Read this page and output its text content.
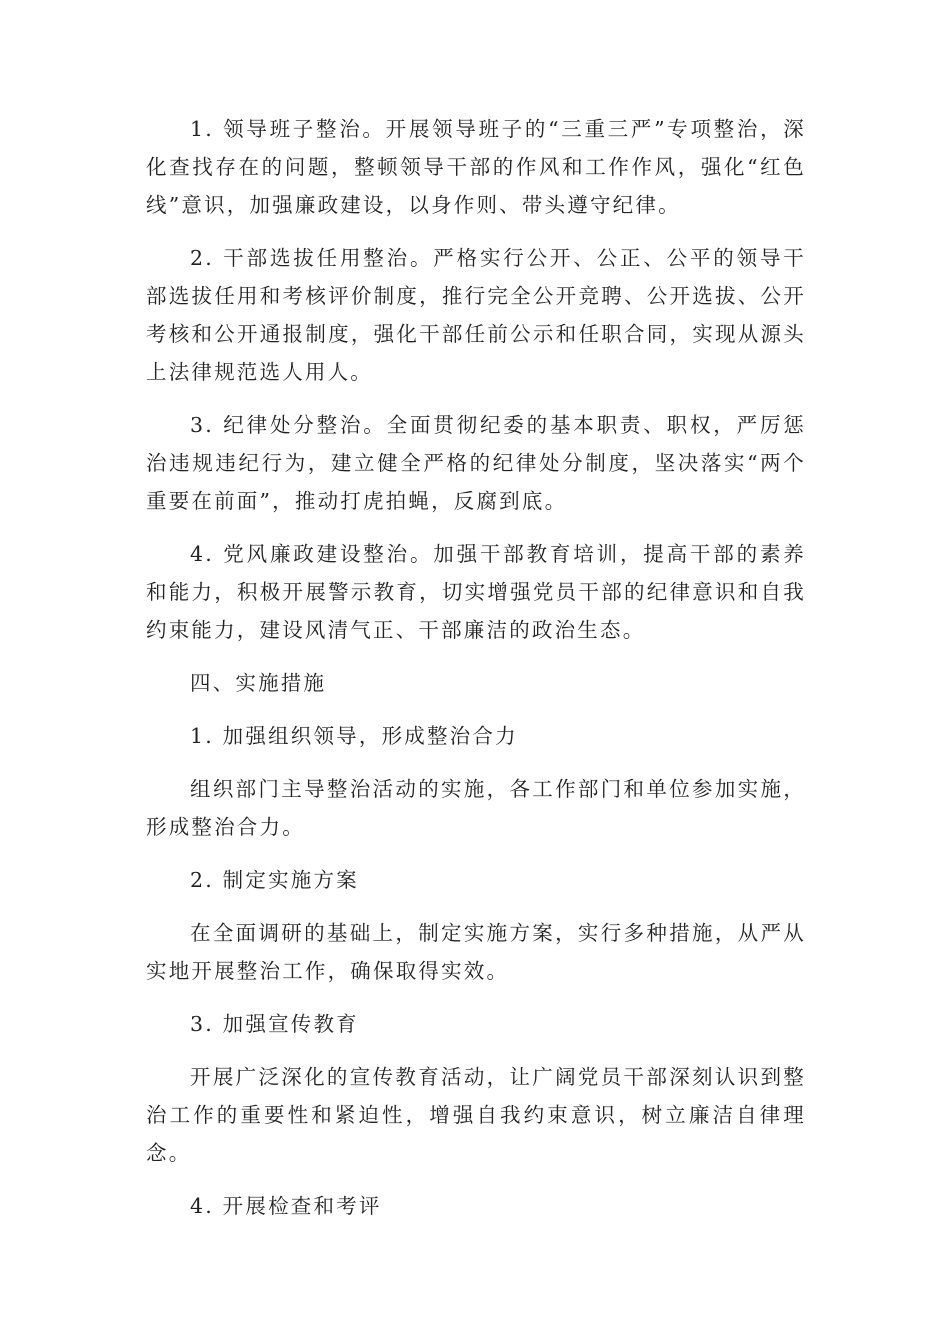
1. 领导班子整治。开展领导班子的“三重三严”专项整治，深化查找存在的问题，整顿领导干部的作风和工作作风，强化“红色线”意识，加强廉政建设，以身作则、带头遵守纪律。

2. 干部选拔任用整治。严格实行公开、公正、公平的领导干部选拔任用和考核评价制度，推行完全公开竞聘、公开选拔、公开考核和公开通报制度，强化干部任前公示和任职合同，实现从源头上法律规范选人用人。

3. 纪律处分整治。全面贯彻纪委的基本职责、职权，严厉惩治违规违纪行为，建立健全严格的纪律处分制度，坚决落实“两个重要在前面”，推动打虎拍蝇，反腐到底。

4. 党风廉政建设整治。加强干部教育培训，提高干部的素养和能力，积极开展警示教育，切实增强党员干部的纪律意识和自我约束能力，建设风清气正、干部廉洁的政治生态。

四、实施措施

1. 加强组织领导，形成整治合力

组织部门主导整治活动的实施，各工作部门和单位参加实施，形成整治合力。

2. 制定实施方案

在全面调研的基础上，制定实施方案，实行多种措施，从严从实地开展整治工作，确保取得实效。

3. 加强宣传教育

开展广泛深化的宣传教育活动，让广阔党员干部深刻认识到整治工作的重要性和紧迫性，增强自我约束意识，树立廉洁自律理念。

4. 开展检查和考评
